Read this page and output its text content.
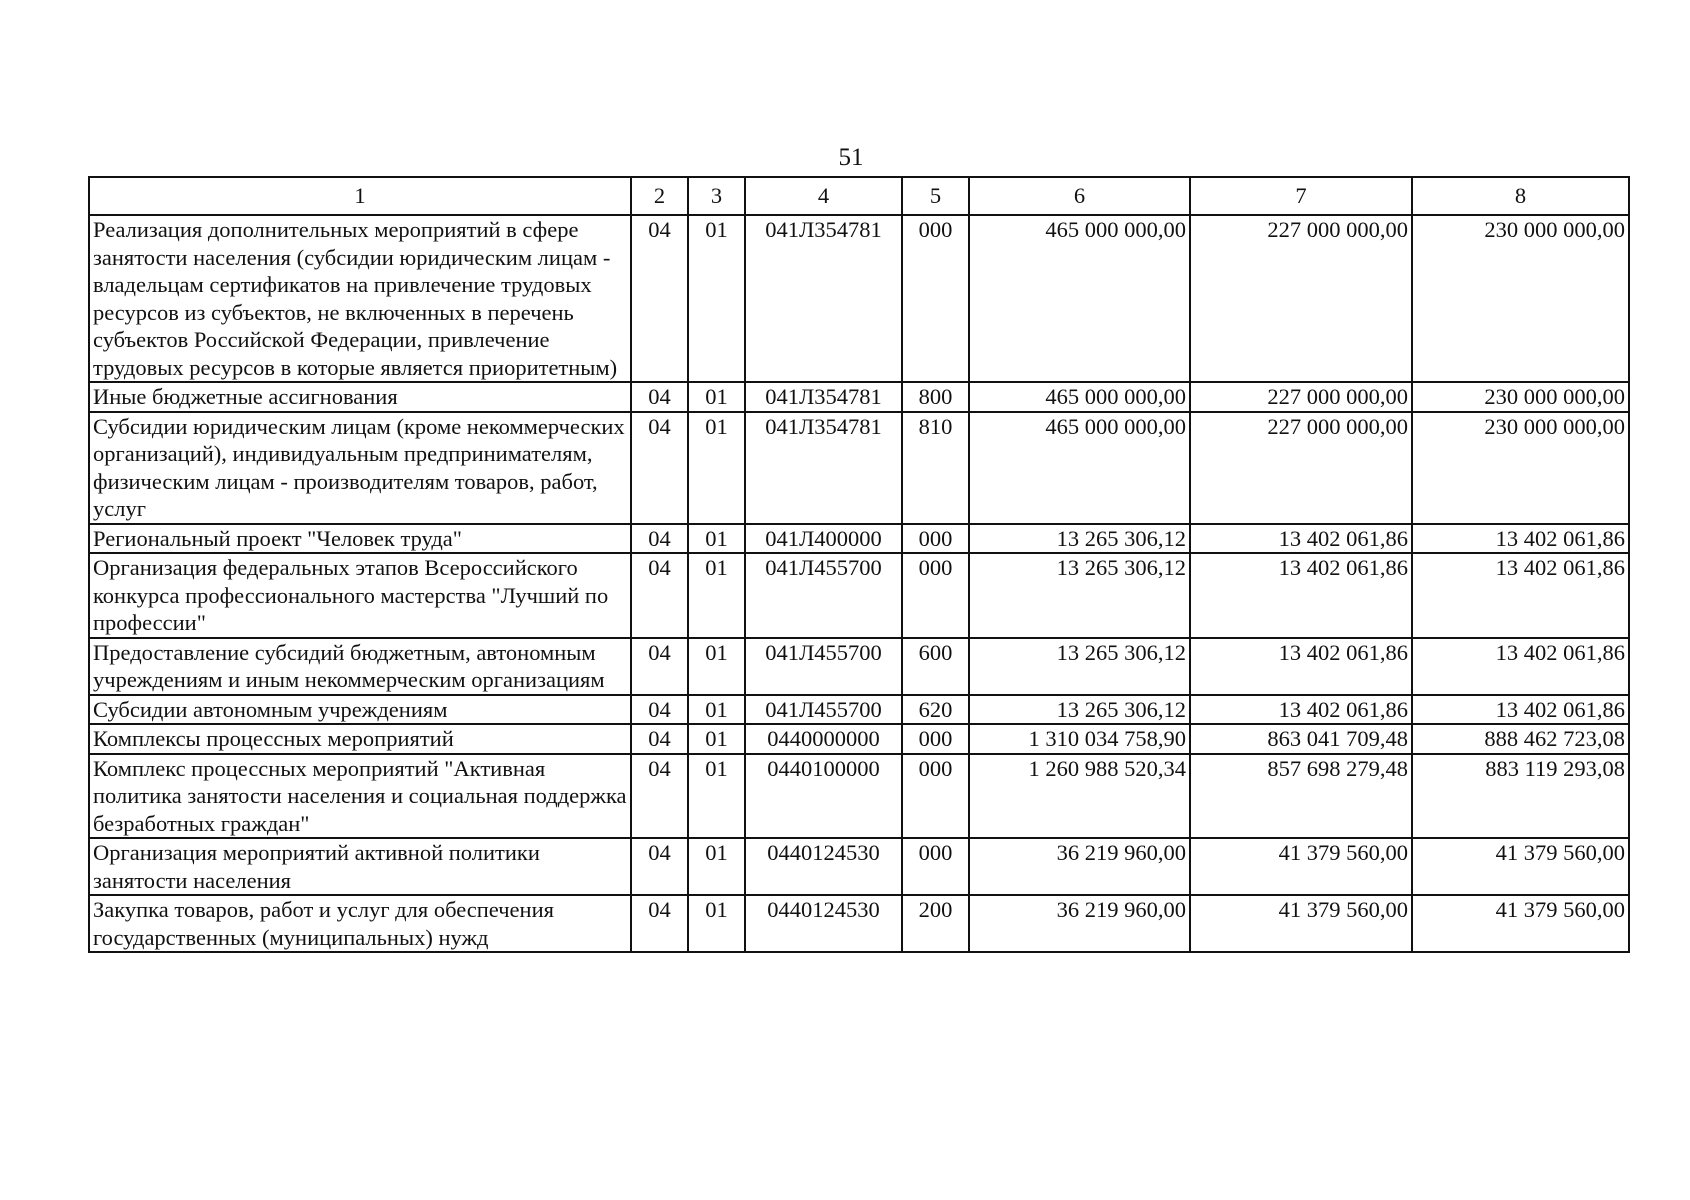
51
1	2	3	4	5	6	7	8
Реализация дополнительных мероприятий в сфере занятости населения (субсидии юридическим лицам - владельцам сертификатов на привлечение трудовых ресурсов из субъектов, не включенных в перечень субъектов Российской Федерации, привлечение трудовых ресурсов в которые является приоритетным)	04	01	041Л354781	000	465 000 000,00	227 000 000,00	230 000 000,00
Иные бюджетные ассигнования	04	01	041Л354781	800	465 000 000,00	227 000 000,00	230 000 000,00
Субсидии юридическим лицам (кроме некоммерческих организаций), индивидуальным предпринимателям, физическим лицам - производителям товаров, работ, услуг	04	01	041Л354781	810	465 000 000,00	227 000 000,00	230 000 000,00
Региональный проект "Человек труда"	04	01	041Л400000	000	13 265 306,12	13 402 061,86	13 402 061,86
Организация федеральных этапов Всероссийского конкурса профессионального мастерства "Лучший по профессии"	04	01	041Л455700	000	13 265 306,12	13 402 061,86	13 402 061,86
Предоставление субсидий бюджетным, автономным учреждениям и иным некоммерческим организациям	04	01	041Л455700	600	13 265 306,12	13 402 061,86	13 402 061,86
Субсидии автономным учреждениям	04	01	041Л455700	620	13 265 306,12	13 402 061,86	13 402 061,86
Комплексы процессных мероприятий	04	01	0440000000	000	1 310 034 758,90	863 041 709,48	888 462 723,08
Комплекс процессных мероприятий "Активная политика занятости населения и социальная поддержка безработных граждан"	04	01	0440100000	000	1 260 988 520,34	857 698 279,48	883 119 293,08
Организация мероприятий активной политики занятости населения	04	01	0440124530	000	36 219 960,00	41 379 560,00	41 379 560,00
Закупка товаров, работ и услуг для обеспечения государственных (муниципальных) нужд	04	01	0440124530	200	36 219 960,00	41 379 560,00	41 379 560,00
